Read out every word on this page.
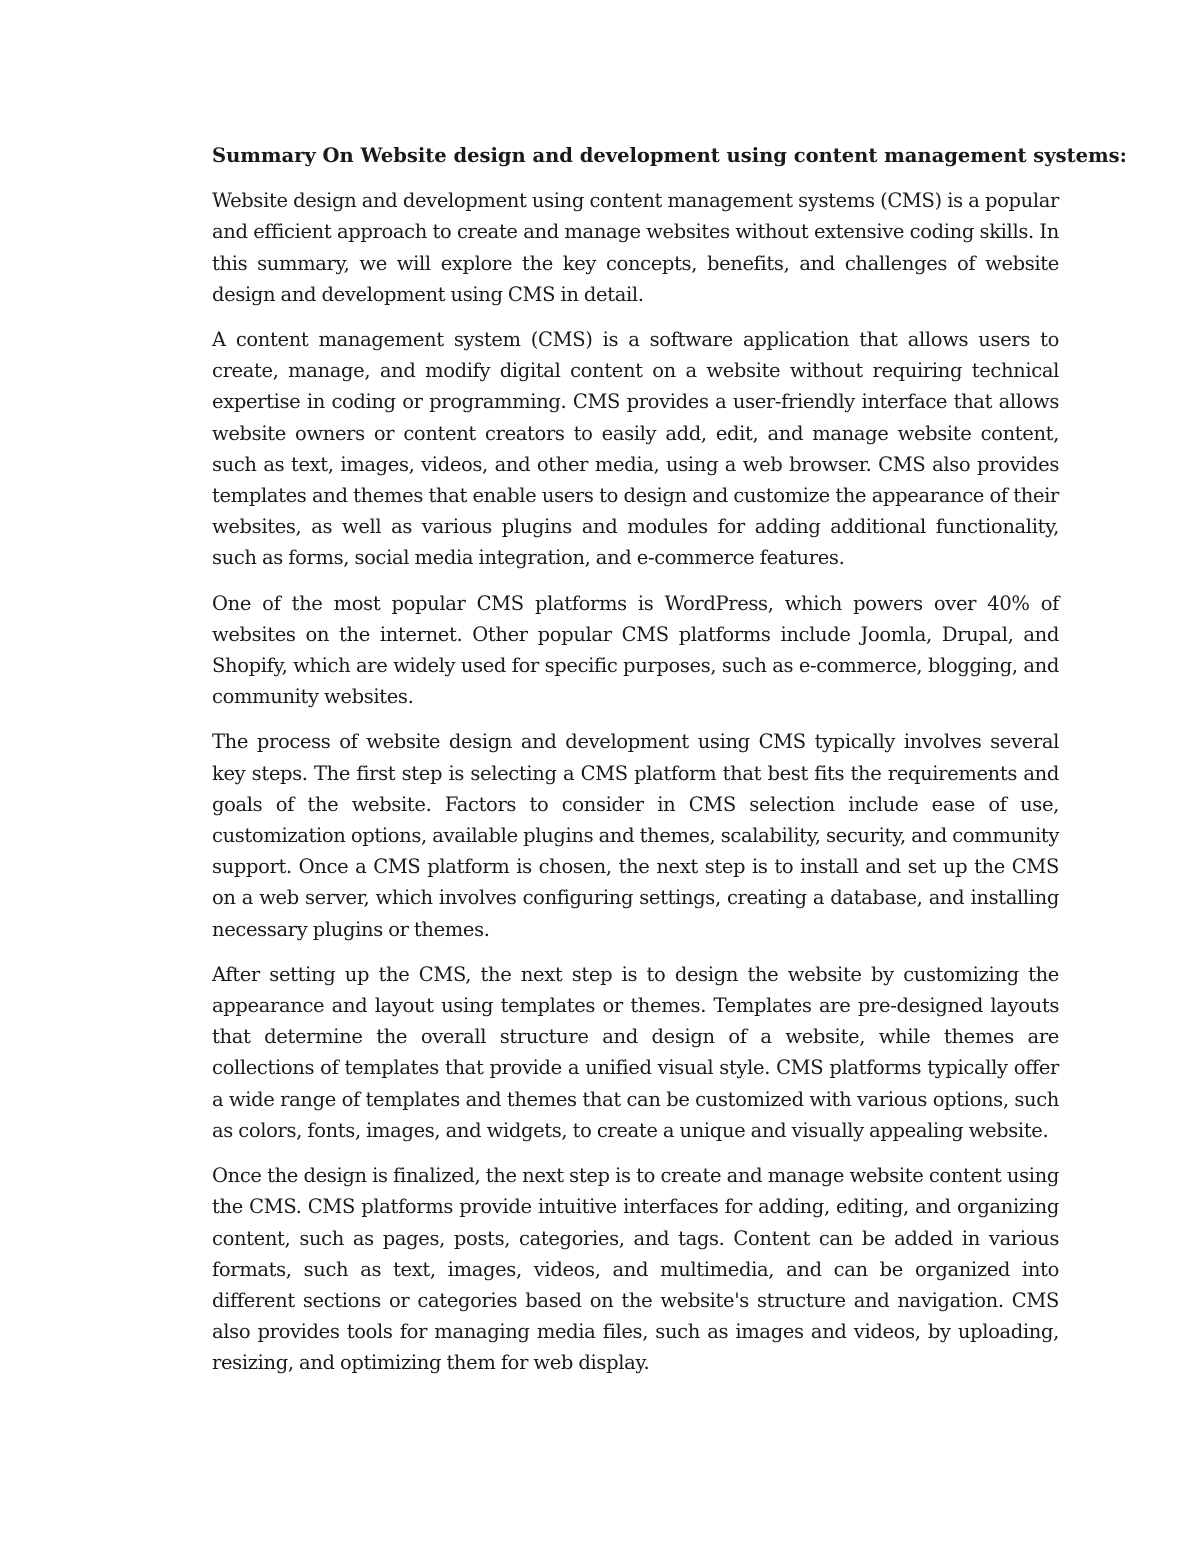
Summary On Website design and development using content management systems:

Website design and development using content management systems (CMS) is a popular and efficient approach to create and manage websites without extensive coding skills. In this summary, we will explore the key concepts, benefits, and challenges of website design and development using CMS in detail.

A content management system (CMS) is a software application that allows users to create, manage, and modify digital content on a website without requiring technical expertise in coding or programming. CMS provides a user-friendly interface that allows website owners or content creators to easily add, edit, and manage website content, such as text, images, videos, and other media, using a web browser. CMS also provides templates and themes that enable users to design and customize the appearance of their websites, as well as various plugins and modules for adding additional functionality, such as forms, social media integration, and e-commerce features.

One of the most popular CMS platforms is WordPress, which powers over 40% of websites on the internet. Other popular CMS platforms include Joomla, Drupal, and Shopify, which are widely used for specific purposes, such as e-commerce, blogging, and community websites.

The process of website design and development using CMS typically involves several key steps. The first step is selecting a CMS platform that best fits the requirements and goals of the website. Factors to consider in CMS selection include ease of use, customization options, available plugins and themes, scalability, security, and community support. Once a CMS platform is chosen, the next step is to install and set up the CMS on a web server, which involves configuring settings, creating a database, and installing necessary plugins or themes.

After setting up the CMS, the next step is to design the website by customizing the appearance and layout using templates or themes. Templates are pre-designed layouts that determine the overall structure and design of a website, while themes are collections of templates that provide a unified visual style. CMS platforms typically offer a wide range of templates and themes that can be customized with various options, such as colors, fonts, images, and widgets, to create a unique and visually appealing website.

Once the design is finalized, the next step is to create and manage website content using the CMS. CMS platforms provide intuitive interfaces for adding, editing, and organizing content, such as pages, posts, categories, and tags. Content can be added in various formats, such as text, images, videos, and multimedia, and can be organized into different sections or categories based on the website's structure and navigation. CMS also provides tools for managing media files, such as images and videos, by uploading, resizing, and optimizing them for web display.
